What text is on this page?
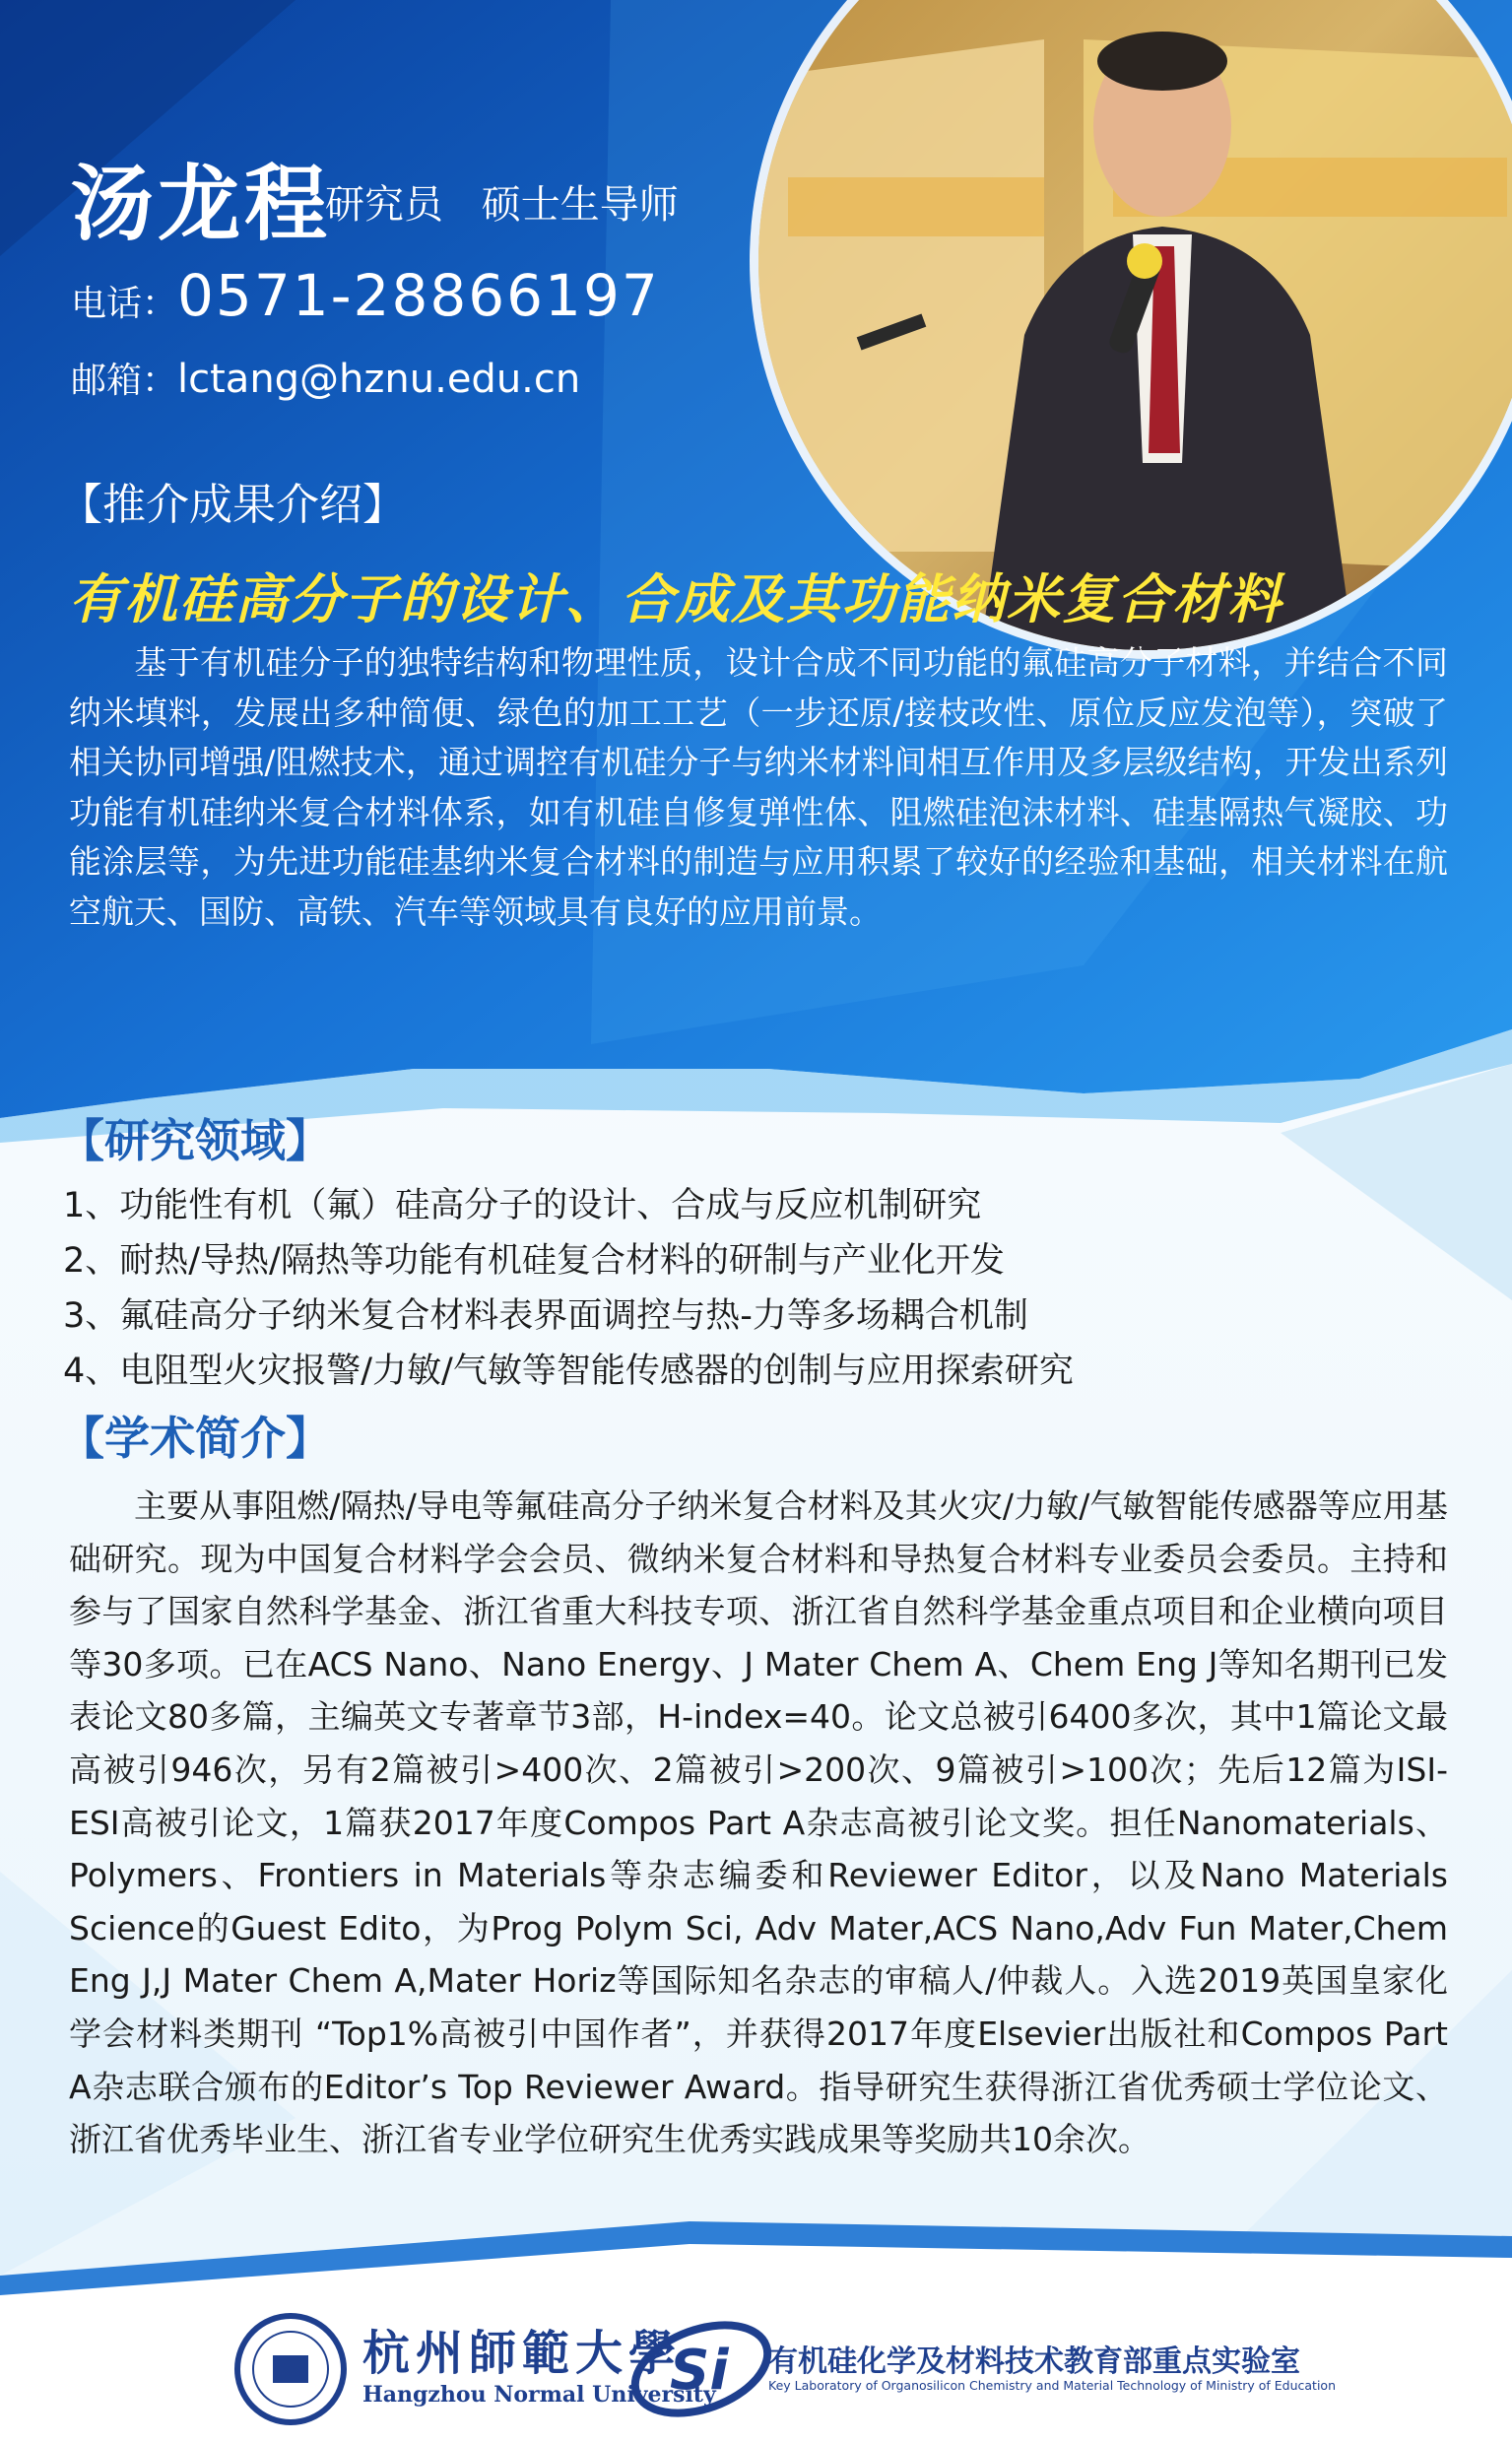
Si
汤龙程
研究员 硕士生导师
电话：0571-28866197
邮箱：lctang@hznu.edu.cn
【推介成果介绍】
有机硅高分子的设计、合成及其功能纳米复合材料
基于有机硅分子的独特结构和物理性质，设计合成不同功能的氟硅高分子材料，并结合不同纳米填料，发展出多种简便、绿色的加工工艺（一步还原/接枝改性、原位反应发泡等），突破了相关协同增强/阻燃技术，通过调控有机硅分子与纳米材料间相互作用及多层级结构，开发出系列功能有机硅纳米复合材料体系，如有机硅自修复弹性体、阻燃硅泡沫材料、硅基隔热气凝胶、功能涂层等，为先进功能硅基纳米复合材料的制造与应用积累了较好的经验和基础，相关材料在航空航天、国防、高铁、汽车等领域具有良好的应用前景。
【研究领域】
1、功能性有机（氟）硅高分子的设计、合成与反应机制研究
2、耐热/导热/隔热等功能有机硅复合材料的研制与产业化开发
3、氟硅高分子纳米复合材料表界面调控与热-力等多场耦合机制
4、电阻型火灾报警/力敏/气敏等智能传感器的创制与应用探索研究
【学术简介】
主要从事阻燃/隔热/导电等氟硅高分子纳米复合材料及其火灾/力敏/气敏智能传感器等应用基础研究。现为中国复合材料学会会员、微纳米复合材料和导热复合材料专业委员会委员。主持和参与了国家自然科学基金、浙江省重大科技专项、浙江省自然科学基金重点项目和企业横向项目等30多项。已在ACS Nano、Nano Energy、J Mater Chem A、Chem Eng J等知名期刊已发表论文80多篇，主编英文专著章节3部，H-index=40。论文总被引6400多次，其中1篇论文最高被引946次，另有2篇被引>400次、2篇被引>200次、9篇被引>100次；先后12篇为ISI-ESI高被引论文，1篇获2017年度Compos Part A杂志高被引论文奖。担任Nanomaterials、Polymers、Frontiers in Materials等杂志编委和Reviewer Editor，以及Nano Materials Science的Guest Edito，为Prog Polym Sci, Adv Mater,ACS Nano,Adv Fun Mater,Chem Eng J,J Mater Chem A,Mater Horiz等国际知名杂志的审稿人/仲裁人。入选2019英国皇家化学会材料类期刊 “Top1%高被引中国作者”，并获得2017年度Elsevier出版社和Compos Part A杂志联合颁布的Editor’s Top Reviewer Award。指导研究生获得浙江省优秀硕士学位论文、浙江省优秀毕业生、浙江省专业学位研究生优秀实践成果等奖励共10余次。
杭州師範大學
Hangzhou Normal University
有机硅化学及材料技术教育部重点实验室
Key Laboratory of Organosilicon Chemistry and Material Technology of Ministry of Education
